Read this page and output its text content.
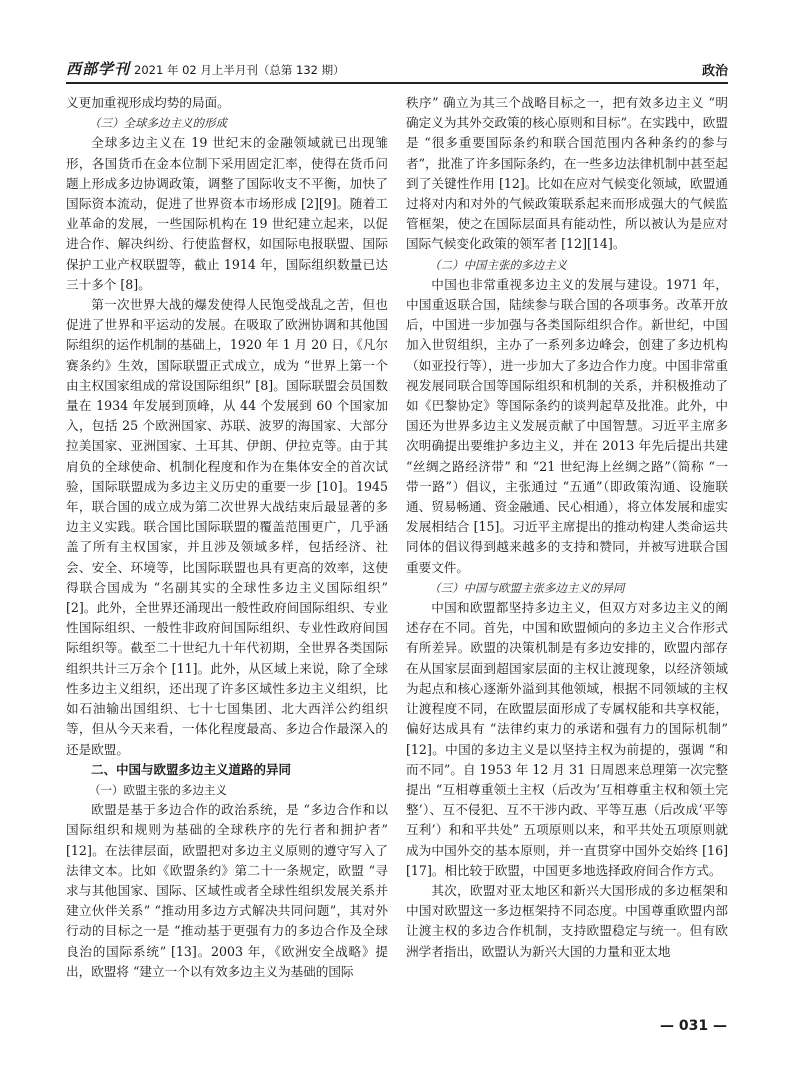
西部学刊 2021 年 02 月上半月刊（总第 132 期）	政治

义更加重视形成均势的局面。

（三）全球多边主义的形成

全球多边主义在 19 世纪末的金融领域就已出现雏形，各国货币在金本位制下采用固定汇率，使得在货币问题上形成多边协调政策，调整了国际收支不平衡，加快了国际资本流动，促进了世界资本市场形成 [2][9]。随着工业革命的发展，一些国际机构在 19 世纪建立起来，以促进合作、解决纠纷、行使监督权，如国际电报联盟、国际保护工业产权联盟等，截止 1914 年，国际组织数量已达三十多个 [8]。

第一次世界大战的爆发使得人民饱受战乱之苦，但也促进了世界和平运动的发展。在吸取了欧洲协调和其他国际组织的运作机制的基础上，1920 年 1 月 20 日，《凡尔赛条约》生效，国际联盟正式成立，成为 “世界上第一个由主权国家组成的常设国际组织” [8]。国际联盟会员国数量在 1934 年发展到顶峰，从 44 个发展到 60 个国家加入，包括 25 个欧洲国家、苏联、波罗的海国家、大部分拉美国家、亚洲国家、土耳其、伊朗、伊拉克等。由于其肩负的全球使命、机制化程度和作为在集体安全的首次试验，国际联盟成为多边主义历史的重要一步 [10]。1945 年，联合国的成立成为第二次世界大战结束后最显著的多边主义实践。联合国比国际联盟的覆盖范围更广，几乎涵盖了所有主权国家，并且涉及领域多样，包括经济、社会、安全、环境等，比国际联盟也具有更高的效率，这使得联合国成为 “名副其实的全球性多边主义国际组织” [2]。此外，全世界还涌现出一般性政府间国际组织、专业性国际组织、一般性非政府间国际组织、专业性政府间国际组织等。截至二十世纪九十年代初期，全世界各类国际组织共计三万余个 [11]。此外，从区域上来说，除了全球性多边主义组织，还出现了许多区域性多边主义组织，比如石油输出国组织、七十七国集团、北大西洋公约组织等，但从今天来看，一体化程度最高、多边合作最深入的还是欧盟。

二、中国与欧盟多边主义道路的异同

（一）欧盟主张的多边主义

欧盟是基于多边合作的政治系统，是 “多边合作和以国际组织和规则为基础的全球秩序的先行者和拥护者” [12]。在法律层面，欧盟把对多边主义原则的遵守写入了法律文本。比如《欧盟条约》第二十一条规定，欧盟 “寻求与其他国家、国际、区域性或者全球性组织发展关系并建立伙伴关系” “推动用多边方式解决共同问题”，其对外行动的目标之一是 “推动基于更强有力的多边合作及全球良治的国际系统” [13]。2003 年，《欧洲安全战略》提出，欧盟将 “建立一个以有效多边主义为基础的国际

秩序” 确立为其三个战略目标之一，把有效多边主义 “明确定义为其外交政策的核心原则和目标”。在实践中，欧盟是 “很多重要国际条约和联合国范围内各种条约的参与者”，批准了许多国际条约，在一些多边法律机制中甚至起到了关键性作用 [12]。比如在应对气候变化领域，欧盟通过将对内和对外的气候政策联系起来而形成强大的气候监管框架，使之在国际层面具有能动性，所以被认为是应对国际气候变化政策的领军者 [12][14]。

（二）中国主张的多边主义

中国也非常重视多边主义的发展与建设。1971 年，中国重返联合国，陆续参与联合国的各项事务。改革开放后，中国进一步加强与各类国际组织合作。新世纪，中国加入世贸组织，主办了一系列多边峰会，创建了多边机构（如亚投行等），进一步加大了多边合作力度。中国非常重视发展同联合国等国际组织和机制的关系，并积极推动了如《巴黎协定》等国际条约的谈判起草及批准。此外，中国还为世界多边主义发展贡献了中国智慧。习近平主席多次明确提出要维护多边主义，并在 2013 年先后提出共建 “丝绸之路经济带” 和 “21 世纪海上丝绸之路”（简称 “一带一路”）倡议，主张通过 “五通”（即政策沟通、设施联通、贸易畅通、资金融通、民心相通），将立体发展和虚实发展相结合 [15]。习近平主席提出的推动构建人类命运共同体的倡议得到越来越多的支持和赞同，并被写进联合国重要文件。

（三）中国与欧盟主张多边主义的异同

中国和欧盟都坚持多边主义，但双方对多边主义的阐述存在不同。首先，中国和欧盟倾向的多边主义合作形式有所差异。欧盟的决策机制是有多边安排的，欧盟内部存在从国家层面到超国家层面的主权让渡现象，以经济领域为起点和核心逐渐外溢到其他领域，根据不同领域的主权让渡程度不同，在欧盟层面形成了专属权能和共享权能，偏好达成具有 “法律约束力的承诺和强有力的国际机制” [12]。中国的多边主义是以坚持主权为前提的，强调 “和而不同”。自 1953 年 12 月 31 日周恩来总理第一次完整提出 “互相尊重领土主权（后改为‘互相尊重主权和领土完整’）、互不侵犯、互不干涉内政、平等互惠（后改成‘平等互利’）和和平共处” 五项原则以来，和平共处五项原则就成为中国外交的基本原则，并一直贯穿中国外交始终 [16][17]。相比较于欧盟，中国更多地选择政府间合作方式。

其次，欧盟对亚太地区和新兴大国形成的多边框架和中国对欧盟这一多边框架持不同态度。中国尊重欧盟内部让渡主权的多边合作机制，支持欧盟稳定与统一。但有欧洲学者指出，欧盟认为新兴大国的力量和亚太地

— 031 —
